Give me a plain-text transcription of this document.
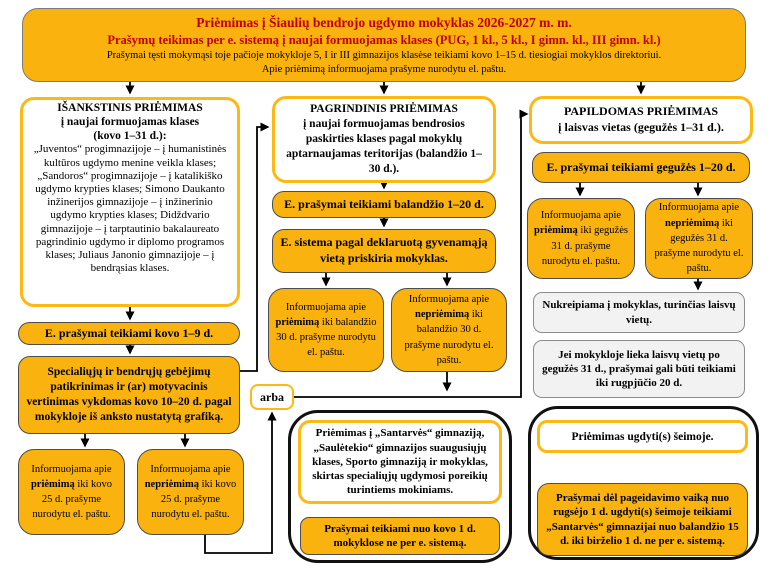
Priėmimas į Šiaulių bendrojo ugdymo mokyklas 2026-2027 m. m.
Prašymų teikimas per e. sistemą į naujai formuojamas klases (PUG, 1 kl., 5 kl., I gimn. kl., III gimn. kl.)
Prašymai tęsti mokymąsi toje pačioje mokykloje 5, I ir III gimnazijos klasėse teikiami kovo 1–15 d. tiesiogiai mokyklos direktoriui.
Apie priėmimą informuojama prašyme nurodytu el. paštu.
IŠANKSTINIS PRIĖMIMAS
į naujai formuojamas klases
(kovo 1–31 d.):
„Juventos“ progimnazijoje – į humanistinės kultūros ugdymo menine veikla klases; „Sandoros“ progimnazijoje – į katalikiško ugdymo krypties klases; Simono Daukanto inžinerijos gimnazijoje – į inžinerinio ugdymo krypties klases; Didždvario gimnazijoje – į tarptautinio bakalaureato pagrindinio ugdymo ir diplomo programos klases; Juliaus Janonio gimnazijoje – į bendrąsias klases.
E. prašymai teikiami kovo 1–9 d.
Specialiųjų ir bendrųjų gebėjimų patikrinimas ir (ar) motyvacinis vertinimas vykdomas kovo 10–20 d. pagal mokykloje iš anksto nustatytą grafiką.
Informuojama apie priėmimą iki kovo 25 d. prašyme nurodytu el. paštu.
Informuojama apie nepriėmimą iki kovo 25 d. prašyme nurodytu el. paštu.
PAGRINDINIS PRIĖMIMAS
į naujai formuojamas bendrosios paskirties klases pagal mokyklų aptarnaujamas teritorijas (balandžio 1–30 d.).
E. prašymai teikiami balandžio 1–20 d.
E. sistema pagal deklaruotą gyvenamąją vietą priskiria mokyklas.
Informuojama apie priėmimą iki balandžio 30 d. prašyme nurodytu el. paštu.
Informuojama apie nepriėmimą iki balandžio 30 d. prašyme nurodytu el. paštu.
arba
Priėmimas į „Santarvės“ gimnaziją, „Saulėtekio“ gimnazijos suaugusiųjų klases, Sporto gimnaziją ir mokyklas, skirtas specialiųjų ugdymosi poreikių turintiems mokiniams.
Prašymai teikiami nuo kovo 1 d. mokyklose ne per e. sistemą.
PAPILDOMAS PRIĖMIMAS
į laisvas vietas (gegužės 1–31 d.).
E. prašymai teikiami gegužės 1–20 d.
Informuojama apie priėmimą iki gegužės 31 d. prašyme nurodytu el. paštu.
Informuojama apie nepriėmimą iki gegužės 31 d. prašyme nurodytu el. paštu.
Nukreipiama į mokyklas, turinčias laisvų vietų.
Jei mokykloje lieka laisvų vietų po gegužės 31 d., prašymai gali būti teikiami iki rugpjūčio 20 d.
Priėmimas ugdyti(s) šeimoje.
Prašymai dėl pageidavimo vaiką nuo rugsėjo 1 d. ugdyti(s) šeimoje teikiami „Santarvės“ gimnazijai nuo balandžio 15 d. iki birželio 1 d. ne per e. sistemą.
